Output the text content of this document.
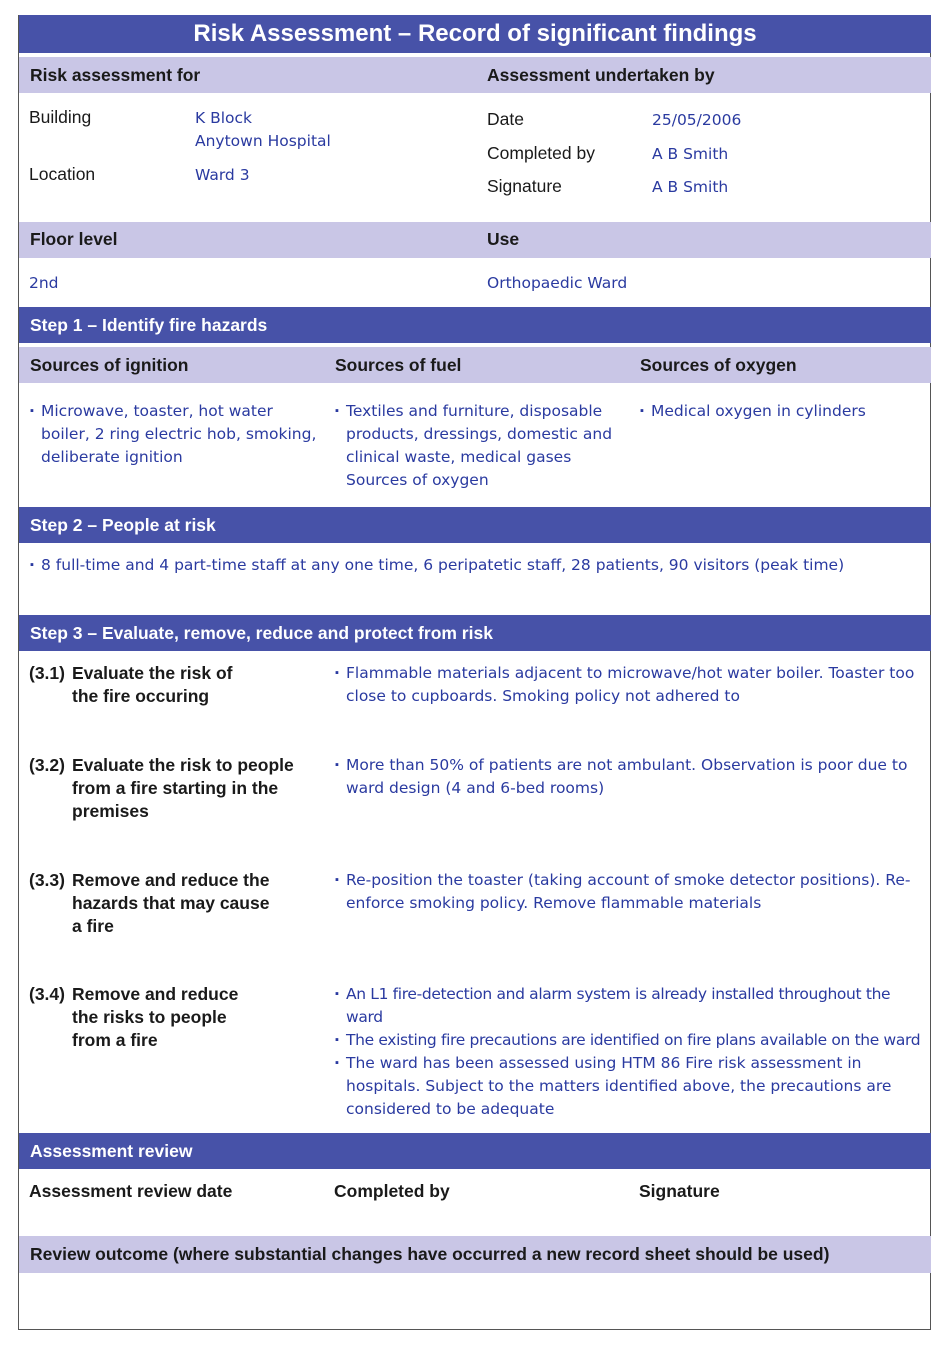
Risk Assessment – Record of significant findings
Risk assessment for	Assessment undertaken by
Building	K Block
Anytown Hospital
Location	Ward 3
Date	25/05/2006
Completed by	A B Smith
Signature	A B Smith
Floor level	Use
2nd	Orthopaedic Ward
Step 1 – Identify fire hazards
Sources of ignition	Sources of fuel	Sources of oxygen
· Microwave, toaster, hot water boiler, 2 ring electric hob, smoking, deliberate ignition
· Textiles and furniture, disposable products, dressings, domestic and clinical waste, medical gases Sources of oxygen
· Medical oxygen in cylinders
Step 2 – People at risk
· 8 full-time and 4 part-time staff at any one time, 6 peripatetic staff, 28 patients, 90 visitors (peak time)
Step 3 – Evaluate, remove, reduce and protect from risk
(3.1) Evaluate the risk of the fire occuring
· Flammable materials adjacent to microwave/hot water boiler. Toaster too close to cupboards. Smoking policy not adhered to
(3.2) Evaluate the risk to people from a fire starting in the premises
· More than 50% of patients are not ambulant. Observation is poor due to ward design (4 and 6-bed rooms)
(3.3) Remove and reduce the hazards that may cause a fire
· Re-position the toaster (taking account of smoke detector positions). Re-enforce smoking policy. Remove flammable materials
(3.4) Remove and reduce the risks to people from a fire
· An L1 fire-detection and alarm system is already installed throughout the ward
· The existing fire precautions are identified on fire plans available on the ward
· The ward has been assessed using HTM 86 Fire risk assessment in hospitals. Subject to the matters identified above, the precautions are considered to be adequate
Assessment review
Assessment review date	Completed by	Signature
Review outcome (where substantial changes have occurred a new record sheet should be used)
